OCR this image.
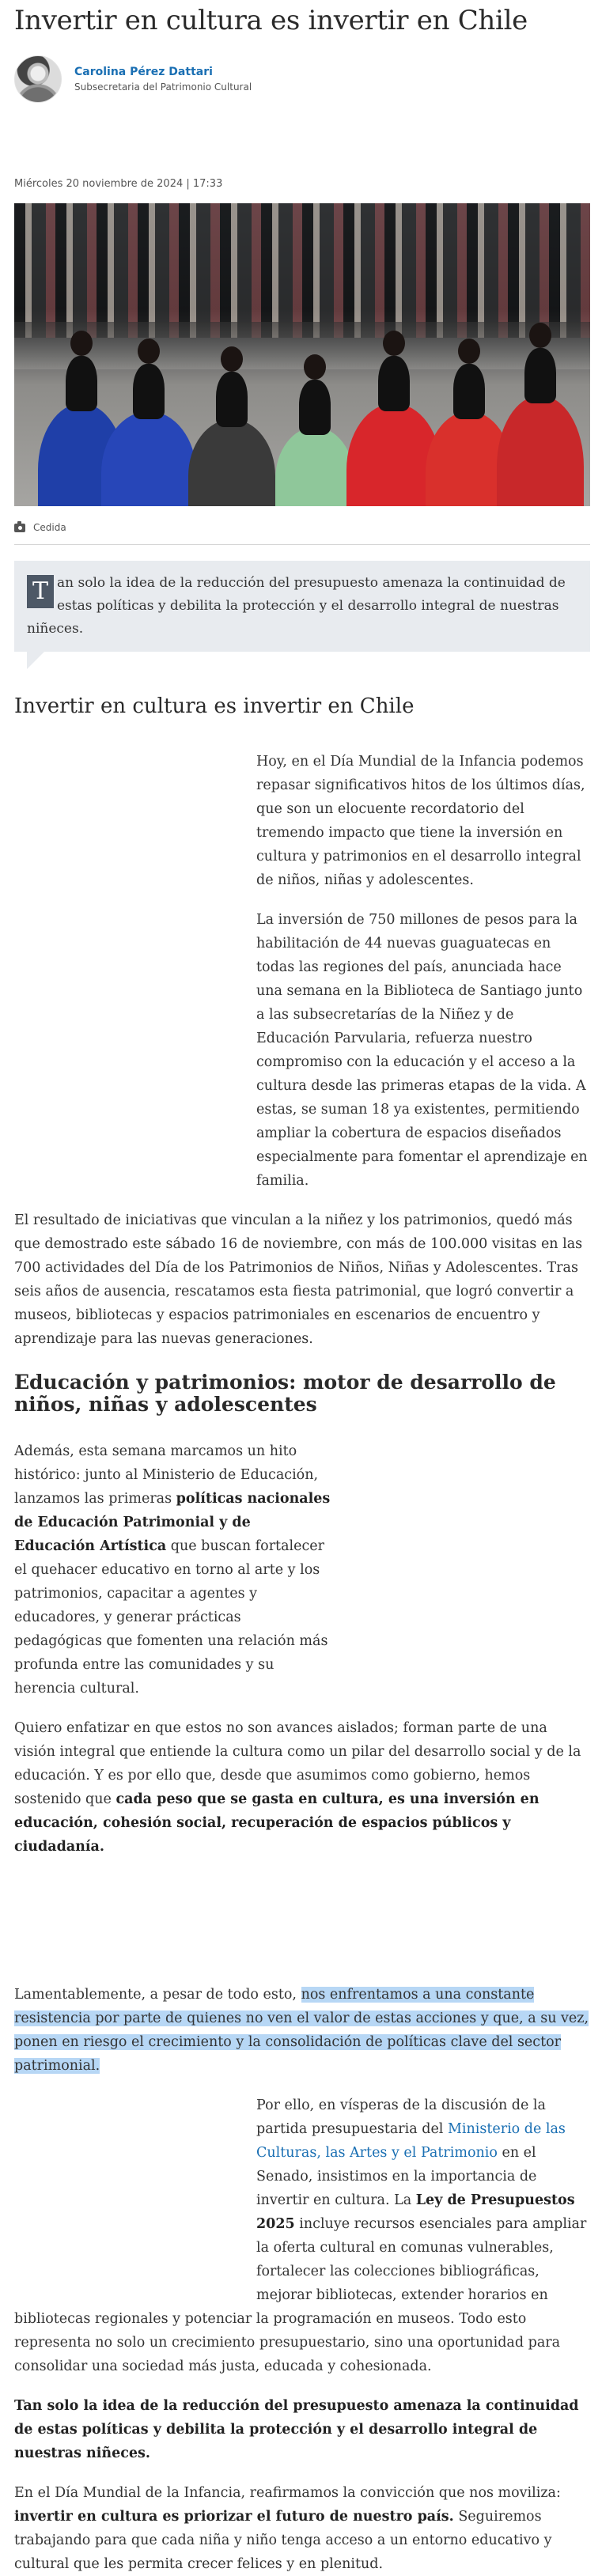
Invertir en cultura es invertir en Chile
Carolina Pérez Dattari
Subsecretaria del Patrimonio Cultural
Miércoles 20 noviembre de 2024 | 17:33
Cedida
T an solo la idea de la reducción del presupuesto amenaza la continuidad de estas políticas y debilita la protección y el desarrollo integral de nuestras niñeces.
Invertir en cultura es invertir en Chile

Hoy, en el Día Mundial de la Infancia podemos repasar significativos hitos de los últimos días, que son un elocuente recordatorio del tremendo impacto que tiene la inversión en cultura y patrimonios en el desarrollo integral de niños, niñas y adolescentes.

La inversión de 750 millones de pesos para la habilitación de 44 nuevas guaguatecas en todas las regiones del país, anunciada hace una semana en la Biblioteca de Santiago junto a las subsecretarías de la Niñez y de Educación Parvularia, refuerza nuestro compromiso con la educación y el acceso a la cultura desde las primeras etapas de la vida. A estas, se suman 18 ya existentes, permitiendo ampliar la cobertura de espacios diseñados especialmente para fomentar el aprendizaje en familia.

El resultado de iniciativas que vinculan a la niñez y los patrimonios, quedó más que demostrado este sábado 16 de noviembre, con más de 100.000 visitas en las 700 actividades del Día de los Patrimonios de Niños, Niñas y Adolescentes. Tras seis años de ausencia, rescatamos esta fiesta patrimonial, que logró convertir a museos, bibliotecas y espacios patrimoniales en escenarios de encuentro y aprendizaje para las nuevas generaciones.

Educación y patrimonios: motor de desarrollo de niños, niñas y adolescentes

Además, esta semana marcamos un hito histórico: junto al Ministerio de Educación, lanzamos las primeras políticas nacionales de Educación Patrimonial y de Educación Artística que buscan fortalecer el quehacer educativo en torno al arte y los patrimonios, capacitar a agentes y educadores, y generar prácticas pedagógicas que fomenten una relación más profunda entre las comunidades y su herencia cultural.

Quiero enfatizar en que estos no son avances aislados; forman parte de una visión integral que entiende la cultura como un pilar del desarrollo social y de la educación. Y es por ello que, desde que asumimos como gobierno, hemos sostenido que cada peso que se gasta en cultura, es una inversión en educación, cohesión social, recuperación de espacios públicos y ciudadanía.

Lamentablemente, a pesar de todo esto, nos enfrentamos a una constante resistencia por parte de quienes no ven el valor de estas acciones y que, a su vez, ponen en riesgo el crecimiento y la consolidación de políticas clave del sector patrimonial.

Por ello, en vísperas de la discusión de la partida presupuestaria del Ministerio de las Culturas, las Artes y el Patrimonio en el Senado, insistimos en la importancia de invertir en cultura. La Ley de Presupuestos 2025 incluye recursos esenciales para ampliar la oferta cultural en comunas vulnerables, fortalecer las colecciones bibliográficas, mejorar bibliotecas, extender horarios en bibliotecas regionales y potenciar la programación en museos. Todo esto representa no solo un crecimiento presupuestario, sino una oportunidad para consolidar una sociedad más justa, educada y cohesionada.

Tan solo la idea de la reducción del presupuesto amenaza la continuidad de estas políticas y debilita la protección y el desarrollo integral de nuestras niñeces.

En el Día Mundial de la Infancia, reafirmamos la convicción que nos moviliza: invertir en cultura es priorizar el futuro de nuestro país. Seguiremos trabajando para que cada niña y niño tenga acceso a un entorno educativo y cultural que les permita crecer felices y en plenitud.
